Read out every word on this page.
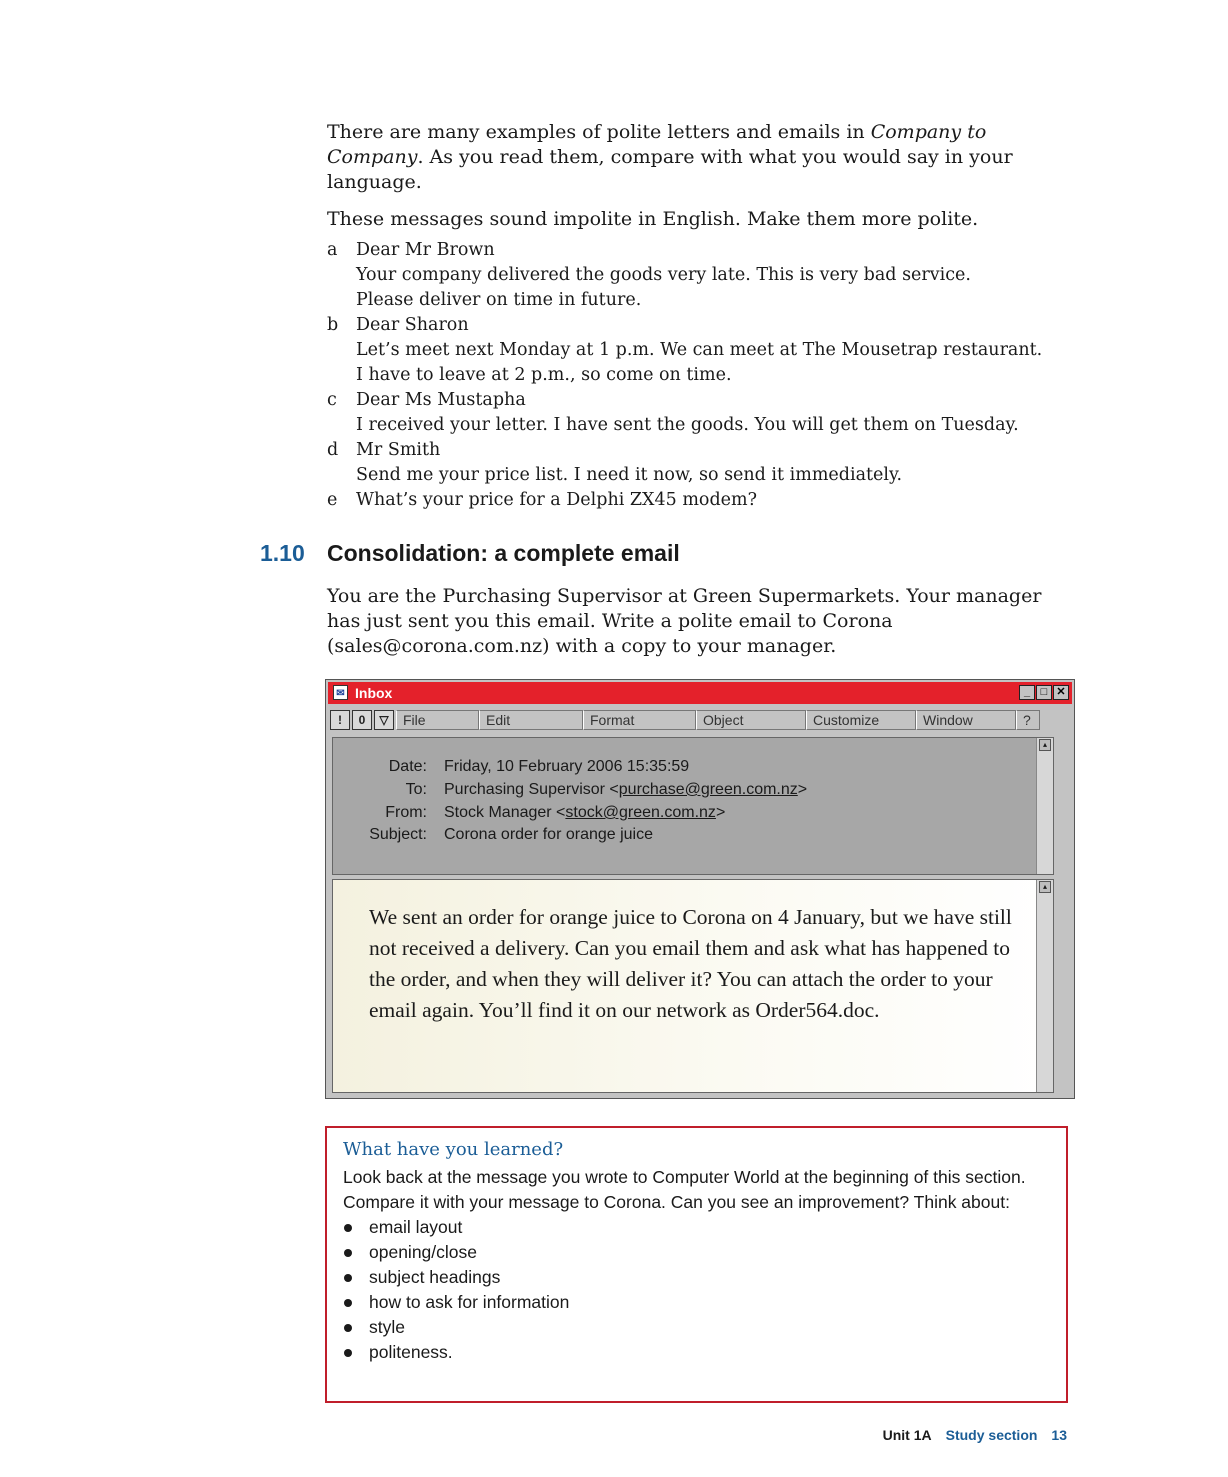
There are many examples of polite letters and emails in Company to Company. As you read them, compare with what you would say in your language.

These messages sound impolite in English. Make them more polite.

a	Dear Mr Brown
Your company delivered the goods very late. This is very bad service.
Please deliver on time in future.
b	Dear Sharon
Let’s meet next Monday at 1 p.m. We can meet at The Mousetrap restaurant.
I have to leave at 2 p.m., so come on time.
c	Dear Ms Mustapha
I received your letter. I have sent the goods. You will get them on Tuesday.
d	Mr Smith
Send me your price list. I need it now, so send it immediately.
e	What’s your price for a Delphi ZX45 modem?
1.10 Consolidation: a complete email

You are the Purchasing Supervisor at Green Supermarkets. Your manager has just sent you this email. Write a polite email to Corona (sales@corona.com.nz) with a copy to your manager.

✉ Inbox	_ □ ✕
!	0	▽	File	Edit	Format	Object	Customize	Window	?
Date: Friday, 10 February 2006 15:35:59
To: Purchasing Supervisor <purchase@green.com.nz>
From: Stock Manager <stock@green.com.nz>
Subject: Corona order for orange juice
▴

We sent an order for orange juice to Corona on 4 January, but we have still not received a delivery. Can you email them and ask what has happened to the order, and when they will deliver it? You can attach the order to your email again. You’ll find it on our network as Order564.doc.

▴
What have you learned?

Look back at the message you wrote to Computer World at the beginning of this section. Compare it with your message to Corona. Can you see an improvement? Think about:

email layout
opening/close
subject headings
how to ask for information
style
politeness.
Unit 1A Study section 13
